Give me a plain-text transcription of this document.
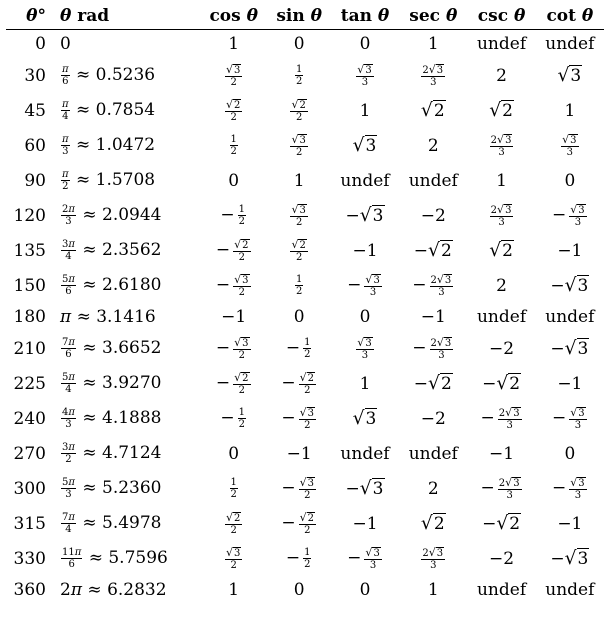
θ°	θ rad	cos θ	sin θ	tan θ	sec θ	csc θ	cot θ
0	0	1	0	0	1	undef	undef
30	$\frac{\pi}{6} \approx 0.5236$	$\frac{√3}{2}$	$\frac{1}{2}$	$\frac{√3}{3}$	$\frac{2√3}{3}$	2	√3
45	$\frac{\pi}{4} \approx 0.7854$	$\frac{√2}{2}$	$\frac{√2}{2}$	1	√2	√2	1
60	$\frac{\pi}{3} \approx 1.0472$	$\frac{1}{2}$	$\frac{√3}{2}$	√3	2	$\frac{2√3}{3}$	$\frac{√3}{3}$

90	$\frac{\pi}{2} \approx 1.5708$	0	1	undef	undef	1	0
120	$\frac{2\pi}{3} \approx 2.0944$	− $\frac{1}{2}$	$\frac{√3}{2}$	−√3	−2	$\frac{2√3}{3}$	− $\frac{√3}{3}$

135	$\frac{3\pi}{4} \approx 2.3562$	− $\frac{√2}{2}$	$\frac{√2}{2}$	−1	−√2	√2	−1
150	$\frac{5\pi}{6} \approx 2.6180$	− $\frac{√3}{2}$	$\frac{1}{2}$	− $\frac{√3}{3}$	− $\frac{2√3}{3}$	2	−√3
180	π ≈ 3.1416	−1	0	0	−1	undef	undef
210	$\frac{7\pi}{6} \approx 3.6652$	− $\frac{√3}{2}$	− $\frac{1}{2}$	$\frac{√3}{3}$	− $\frac{2√3}{3}$	−2	−√3
225	$\frac{5\pi}{4} \approx 3.9270$	− $\frac{√2}{2}$	− $\frac{√2}{2}$	1	−√2	−√2	−1
240	$\frac{4\pi}{3} \approx 4.1888$	− $\frac{1}{2}$	− $\frac{√3}{2}$	√3	−2	− $\frac{2√3}{3}$	− $\frac{√3}{3}$

270	$\frac{3\pi}{2} \approx 4.7124$	0	−1	undef	undef	−1	0
300	$\frac{5\pi}{3} \approx 5.2360$	$\frac{1}{2}$	− $\frac{√3}{2}$	−√3	2	− $\frac{2√3}{3}$	− $\frac{√3}{3}$

315	$\frac{7\pi}{4} \approx 5.4978$	$\frac{√2}{2}$	− $\frac{√2}{2}$	−1	√2	−√2	−1
330	$\frac{11\pi}{6} \approx 5.7596$	$\frac{√3}{2}$	− $\frac{1}{2}$	− $\frac{√3}{3}$	$\frac{2√3}{3}$	−2	−√3
360	2π ≈ 6.2832	1	0	0	1	undef	undef
